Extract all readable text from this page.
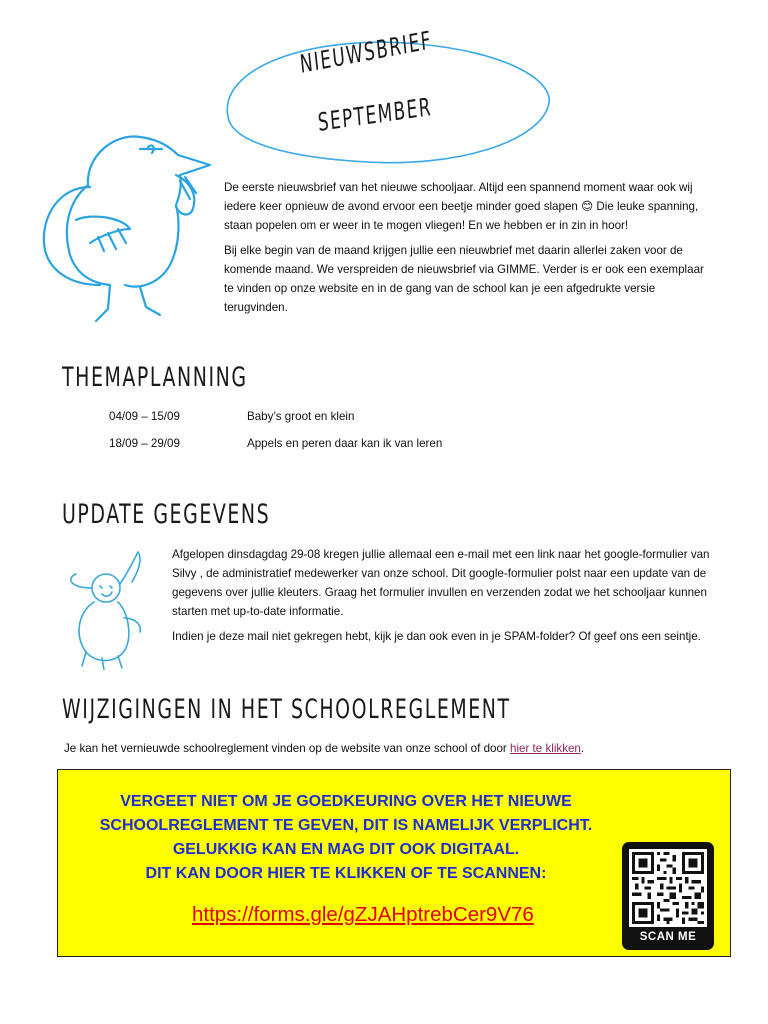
NIEUWSBRIEF
SEPTEMBER

De eerste nieuwsbrief van het nieuwe schooljaar. Altijd een spannend moment waar ook wij iedere keer opnieuw de avond ervoor een beetje minder goed slapen 😊 Die leuke spanning, staan popelen om er weer in te mogen vliegen! En we hebben er in zin in hoor!

Bij elke begin van de maand krijgen jullie een nieuwbrief met daarin allerlei zaken voor de komende maand. We verspreiden de nieuwsbrief via GIMME. Verder is er ook een exemplaar te vinden op onze website en in de gang van de school kan je een afgedrukte versie terugvinden.

THEMAPLANNING
04/09 – 15/09	Baby’s groot en klein
18/09 – 29/09	Appels en peren daar kan ik van leren
UPDATE GEGEVENS

Afgelopen dinsdagdag 29-08 kregen jullie allemaal een e-mail met een link naar het google-formulier van Silvy , de administratief medewerker van onze school. Dit google-formulier polst naar een update van de gegevens over jullie kleuters. Graag het formulier invullen en verzenden zodat we het schooljaar kunnen starten met up-to-date informatie.

Indien je deze mail niet gekregen hebt, kijk je dan ook even in je SPAM-folder? Of geef ons een seintje.

WIJZIGINGEN IN HET SCHOOLREGLEMENT
Je kan het vernieuwde schoolreglement vinden op de website van onze school of door hier te klikken.
VERGEET NIET OM JE GOEDKEURING OVER HET NIEUWE
SCHOOLREGLEMENT TE GEVEN, DIT IS NAMELIJK VERPLICHT.
GELUKKIG KAN EN MAG DIT OOK DIGITAAL.
DIT KAN DOOR HIER TE KLIKKEN OF TE SCANNEN:
https://forms.gle/gZJAHptrebCer9V76
SCAN ME
